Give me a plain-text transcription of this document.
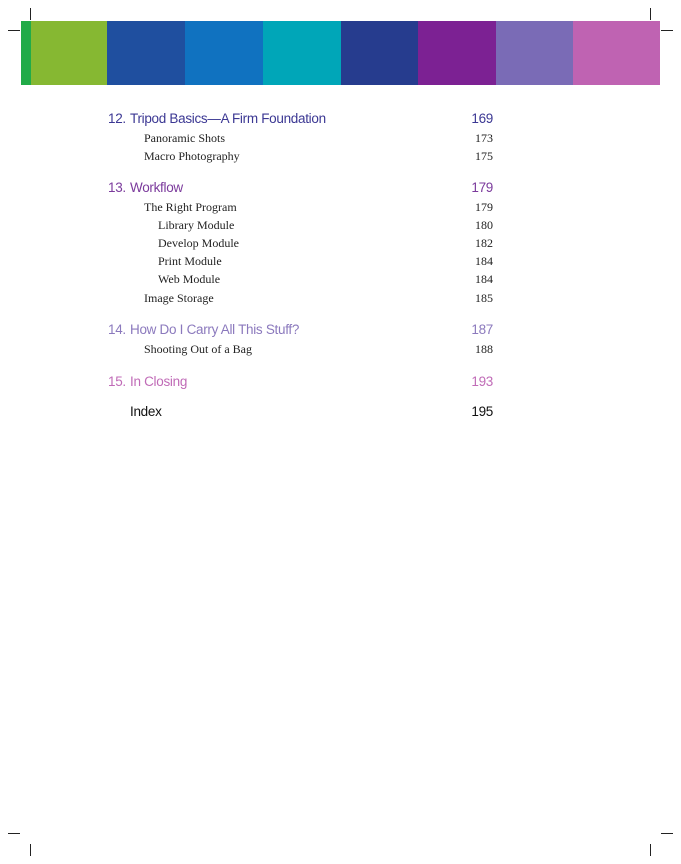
12. Tripod Basics—A Firm Foundation	169
Panoramic Shots	173
Macro Photography	175
13. Workflow	179
The Right Program	179
Library Module	180
Develop Module	182
Print Module	184
Web Module	184
Image Storage	185
14. How Do I Carry All This Stuff?	187
Shooting Out of a Bag	188
15. In Closing	193
Index	195
